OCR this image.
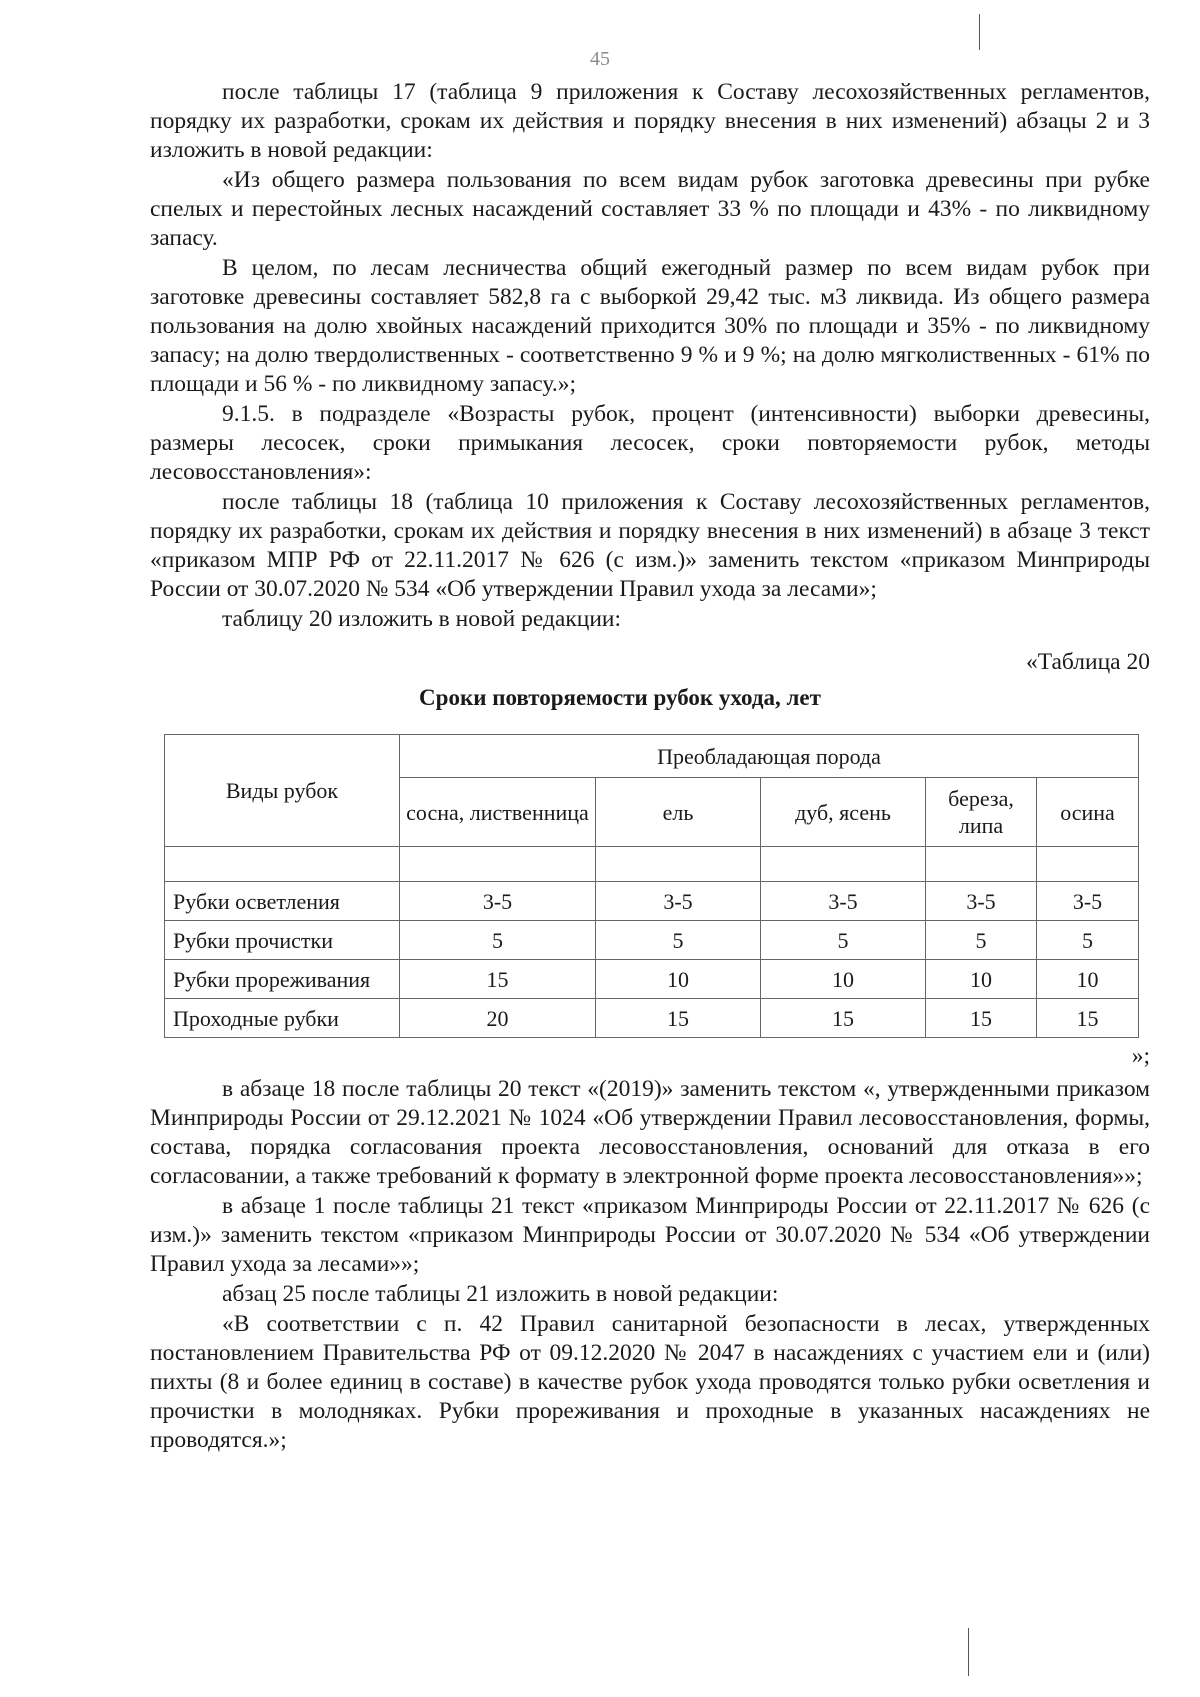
45

после таблицы 17 (таблица 9 приложения к Составу лесохозяйственных регламентов, порядку их разработки, срокам их действия и порядку внесения в них изменений) абзацы 2 и 3 изложить в новой редакции:

«Из общего размера пользования по всем видам рубок заготовка древесины при рубке спелых и перестойных лесных насаждений составляет 33 % по площади и 43% - по ликвидному запасу.

В целом, по лесам лесничества общий ежегодный размер по всем видам рубок при заготовке древесины составляет 582,8 га с выборкой 29,42 тыс. м3 ликвида. Из общего размера пользования на долю хвойных насаждений приходится 30% по площади и 35% - по ликвидному запасу; на долю твердолиственных - соответственно 9 % и 9 %; на долю мягколиственных - 61% по площади и 56 % - по ликвидному запасу.»;

9.1.5. в подразделе «Возрасты рубок, процент (интенсивности) выборки древесины, размеры лесосек, сроки примыкания лесосек, сроки повторяемости рубок, методы лесовосстановления»:

после таблицы 18 (таблица 10 приложения к Составу лесохозяйственных регламентов, порядку их разработки, срокам их действия и порядку внесения в них изменений) в абзаце 3 текст «приказом МПР РФ от 22.11.2017 № 626 (с изм.)» заменить текстом «приказом Минприроды России от 30.07.2020 № 534 «Об утверждении Правил ухода за лесами»;

таблицу 20 изложить в новой редакции:

«Таблица 20
Сроки повторяемости рубок ухода, лет
Виды рубок	Преобладающая порода				
	сосна, лиственница	ель	дуб, ясень	береза, липа	осина

Рубки осветления	3-5	3-5	3-5	3-5	3-5
Рубки прочистки	5	5	5	5	5
Рубки прореживания	15	10	10	10	10
Проходные рубки	20	15	15	15	15
»;

в абзаце 18 после таблицы 20 текст «(2019)» заменить текстом «, утвержденными приказом Минприроды России от 29.12.2021 № 1024 «Об утверждении Правил лесовосстановления, формы, состава, порядка согласования проекта лесовосстановления, оснований для отказа в его согласовании, а также требований к формату в электронной форме проекта лесовосстановления»»;

в абзаце 1 после таблицы 21 текст «приказом Минприроды России от 22.11.2017 № 626 (с изм.)» заменить текстом «приказом Минприроды России от 30.07.2020 № 534 «Об утверждении Правил ухода за лесами»»;

абзац 25 после таблицы 21 изложить в новой редакции:

«В соответствии с п. 42 Правил санитарной безопасности в лесах, утвержденных постановлением Правительства РФ от 09.12.2020 № 2047 в насаждениях с участием ели и (или) пихты (8 и более единиц в составе) в качестве рубок ухода проводятся только рубки осветления и прочистки в молодняках. Рубки прореживания и проходные в указанных насаждениях не проводятся.»;
